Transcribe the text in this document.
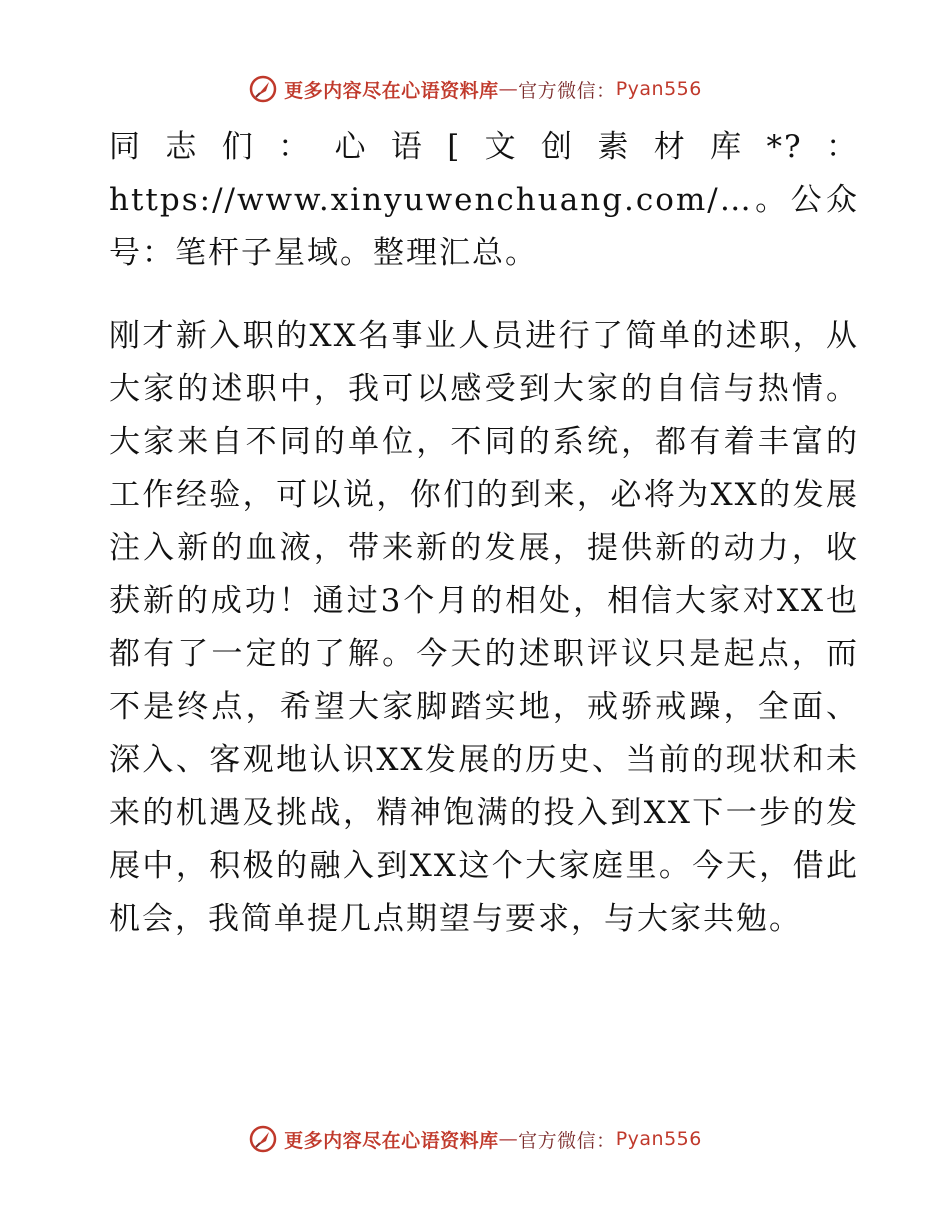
更多内容尽在心语资料库 — 官方微信： Pyan556

同志们：心语[文创素材库*?：https://www.xinyuwenchuang.com/…。公众号：笔杆子星域。整理汇总。

刚才新入职的XX名事业人员进行了简单的述职，从大家的述职中，我可以感受到大家的自信与热情。大家来自不同的单位，不同的系统，都有着丰富的工作经验，可以说，你们的到来，必将为XX的发展注入新的血液，带来新的发展，提供新的动力，收获新的成功！通过3个月的相处，相信大家对XX也都有了一定的了解。今天的述职评议只是起点，而不是终点，希望大家脚踏实地，戒骄戒躁，全面、深入、客观地认识XX发展的历史、当前的现状和未来的机遇及挑战，精神饱满的投入到XX下一步的发展中，积极的融入到XX这个大家庭里。今天，借此机会，我简单提几点期望与要求，与大家共勉。

更多内容尽在心语资料库 — 官方微信： Pyan556
